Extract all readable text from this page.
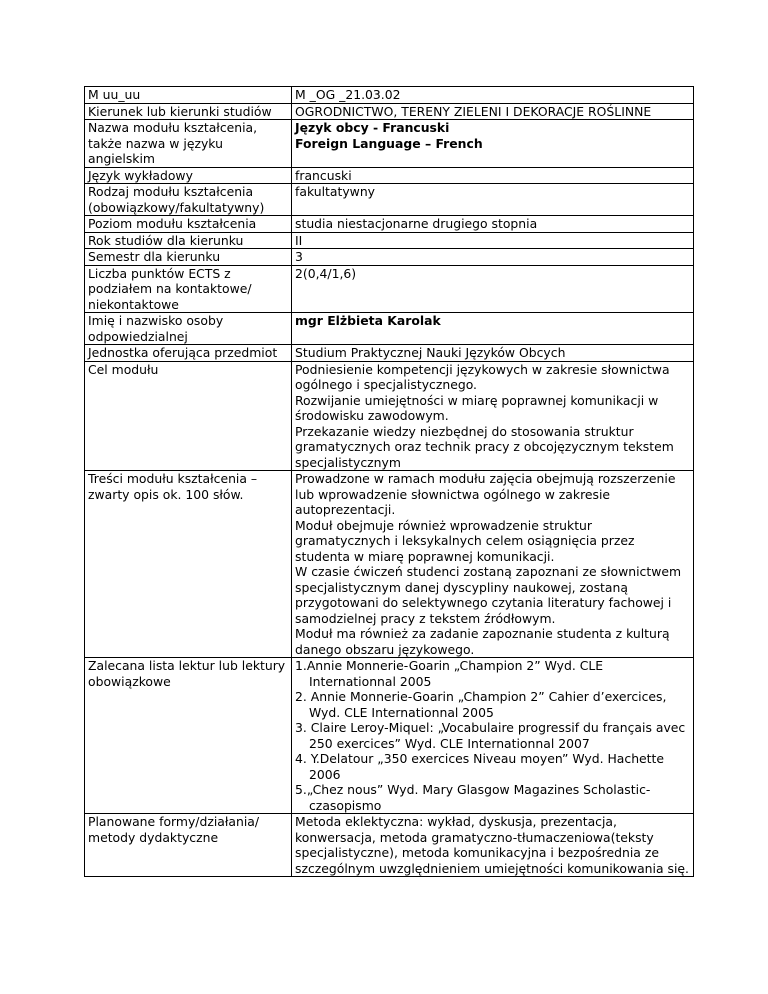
M uu_uu	M _OG _21.03.02
Kierunek lub kierunki studiów	OGRODNICTWO, TERENY ZIELENI I DEKORACJE ROŚLINNE
Nazwa modułu kształcenia, także nazwa w języku angielskim	Język obcy - Francuski
Foreign Language – French

Język wykładowy	francuski
Rodzaj modułu kształcenia (obowiązkowy/fakultatywny)	fakultatywny
Poziom modułu kształcenia	studia niestacjonarne drugiego stopnia
Rok studiów dla kierunku	II
Semestr dla kierunku	3
Liczba punktów ECTS z podziałem na kontaktowe/ niekontaktowe	2(0,4/1,6)
Imię i nazwisko osoby odpowiedzialnej	mgr Elżbieta Karolak
Jednostka oferująca przedmiot	Studium Praktycznej Nauki Języków Obcych
Cel modułu	Podniesienie kompetencji językowych w zakresie słownictwa ogólnego i specjalistycznego.
Rozwijanie umiejętności w miarę poprawnej komunikacji w środowisku zawodowym.
Przekazanie wiedzy niezbędnej do stosowania struktur gramatycznych oraz technik pracy z obcojęzycznym tekstem specjalistycznym

Treści modułu kształcenia – zwarty opis ok. 100 słów.	Prowadzone w ramach modułu zajęcia obejmują rozszerzenie lub wprowadzenie słownictwa ogólnego w zakresie autoprezentacji.
Moduł obejmuje również wprowadzenie struktur gramatycznych i leksykalnych celem osiągnięcia przez studenta w miarę poprawnej komunikacji.
W czasie ćwiczeń studenci zostaną zapoznani ze słownictwem specjalistycznym danej dyscypliny naukowej, zostaną przygotowani do selektywnego czytania literatury fachowej i samodzielnej pracy z tekstem źródłowym.
Moduł ma również za zadanie zapoznanie studenta z kulturą danego obszaru językowego.

Zalecana lista lektur lub lektury obowiązkowe	1.Annie Monnerie-Goarin „Champion 2” Wyd. CLE Internationnal 2005
2. Annie Monnerie-Goarin „Champion 2” Cahier d’exercices, Wyd. CLE Internationnal 2005
3. Claire Leroy-Miquel: „Vocabulaire progressif du français avec 250 exercices” Wyd. CLE Internationnal 2007
4. Y.Delatour „350 exercices Niveau moyen” Wyd. Hachette 2006
5.„Chez nous” Wyd. Mary Glasgow Magazines Scholastic-czasopismo

Planowane formy/działania/ metody dydaktyczne	Metoda eklektyczna: wykład, dyskusja, prezentacja, konwersacja, metoda gramatyczno-tłumaczeniowa(teksty specjalistyczne), metoda komunikacyjna i bezpośrednia ze szczególnym uwzględnieniem umiejętności komunikowania się.
